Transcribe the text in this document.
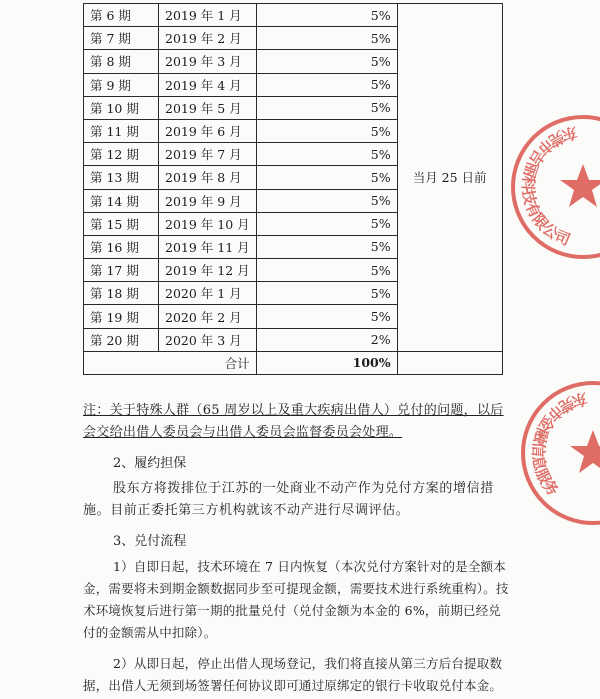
第 6 期	2019 年 1 月	5%	当月 25 日前
第 7 期	2019 年 2 月	5%	
第 8 期	2019 年 3 月	5%	
第 9 期	2019 年 4 月	5%	
第 10 期	2019 年 5 月	5%	
第 11 期	2019 年 6 月	5%	
第 12 期	2019 年 7 月	5%	
第 13 期	2019 年 8 月	5%	
第 14 期	2019 年 9 月	5%	
第 15 期	2019 年 10 月	5%	
第 16 期	2019 年 11 月	5%	
第 17 期	2019 年 12 月	5%	
第 18 期	2020 年 1 月	5%	
第 19 期	2020 年 2 月	5%	
第 20 期	2020 年 3 月	2%	
合计		100%	
注：关于特殊人群（65 周岁以上及重大疾病出借人）兑付的问题，以后会交给出借人委员会与出借人委员会监督委员会处理。
2、履约担保
股东方将拨排位于江苏的一处商业不动产作为兑付方案的增信措施。目前正委托第三方机构就该不动产进行尽调评估。
3、兑付流程
1）自即日起，技术环境在 7 日内恢复（本次兑付方案针对的是全额本金，需要将未到期金额数据同步至可提现金额，需要技术进行系统重构）。技术环境恢复后进行第一期的批量兑付（兑付金额为本金的 6%，前期已经兑付的金额需从中扣除）。
2）从即日起，停止出借人现场登记，我们将直接从第三方后台提取数据，出借人无须到场签署任何协议即可通过原绑定的银行卡收取兑付本金。
东莞市吉丽科技有限公司
东莞市金融信息服务
